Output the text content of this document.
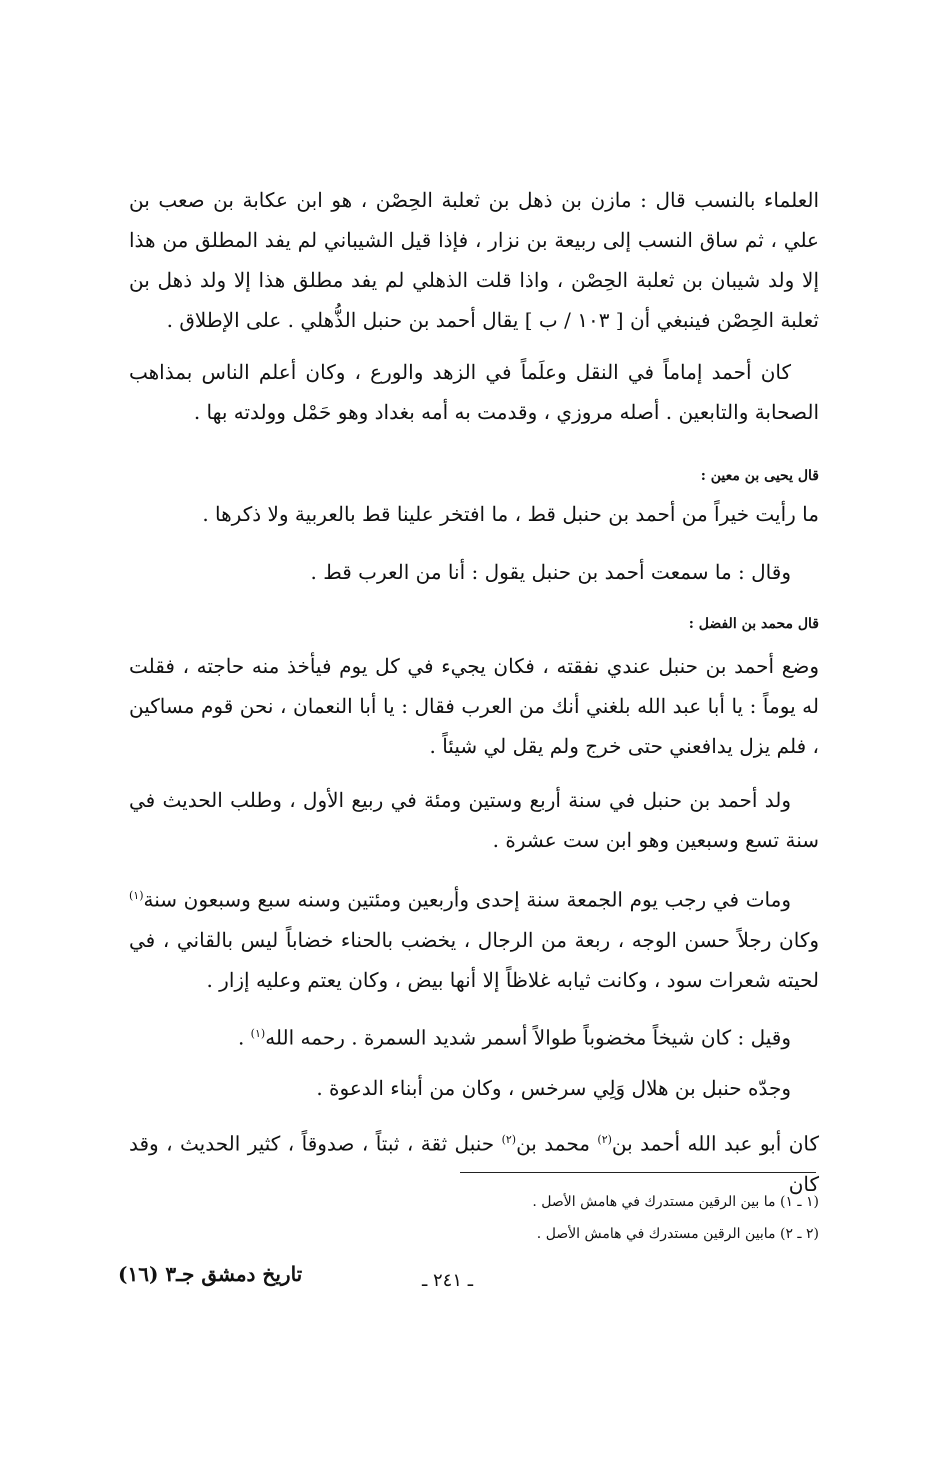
العلماء بالنسب قال : مازن بن ذهل بن ثعلبة الحِصْن ، هو ابن عكابة بن صعب بن علي ، ثم ساق النسب إلى ربيعة بن نزار ، فإذا قيل الشيباني لم يفد المطلق من هذا إلا ولد شيبان بن ثعلبة الحِصْن ، واذا قلت الذهلي لم يفد مطلق هذا إلا ولد ذهل بن ثعلبة الحِصْن فينبغي أن [ ١٠٣ / ب ] يقال أحمد بن حنبل الذُّهلي . على الإطلاق .

كان أحمد إماماً في النقل وعلَماً في الزهد والورع ، وكان أعلم الناس بمذاهب الصحابة والتابعين . أصله مروزي ، وقدمت به أمه بغداد وهو حَمْل وولدته بها .

قال يحيى بن معين :

ما رأيت خيراً من أحمد بن حنبل قط ، ما افتخر علينا قط بالعربية ولا ذكرها .

وقال : ما سمعت أحمد بن حنبل يقول : أنا من العرب قط .

قال محمد بن الفضل :

وضع أحمد بن حنبل عندي نفقته ، فكان يجيء في كل يوم فيأخذ منه حاجته ، فقلت له يوماً : يا أبا عبد الله بلغني أنك من العرب فقال : يا أبا النعمان ، نحن قوم مساكين ، فلم يزل يدافعني حتى خرج ولم يقل لي شيئاً .

ولد أحمد بن حنبل في سنة أربع وستين ومئة في ربيع الأول ، وطلب الحديث في سنة تسع وسبعين وهو ابن ست عشرة .

ومات في رجب يوم الجمعة سنة إحدى وأربعين ومئتين وسنه سبع وسبعون سنة$^{(١)}$ وكان رجلاً حسن الوجه ، ربعة من الرجال ، يخضب بالحناء خضاباً ليس بالقاني ، في لحيته شعرات سود ، وكانت ثيابه غلاظاً إلا أنها بيض ، وكان يعتم وعليه إزار .

وقيل : كان شيخاً مخضوباً طوالاً أسمر شديد السمرة . رحمه الله$^{(١)}$ .

وجدّه حنبل بن هلال وَلِي سرخس ، وكان من أبناء الدعوة .

كان أبو عبد الله أحمد بن$^{(٢)}$ محمد بن$^{(٢)}$ حنبل ثقة ، ثبتاً ، صدوقاً ، كثير الحديث ، وقد كان

(١ ـ ١) ما بين الرقين مستدرك في هامش الأصل .

(٢ ـ ٢) مابين الرقين مستدرك في هامش الأصل .

تاريخ دمشق جـ٣ (١٦)	ـ ٢٤١ ـ
